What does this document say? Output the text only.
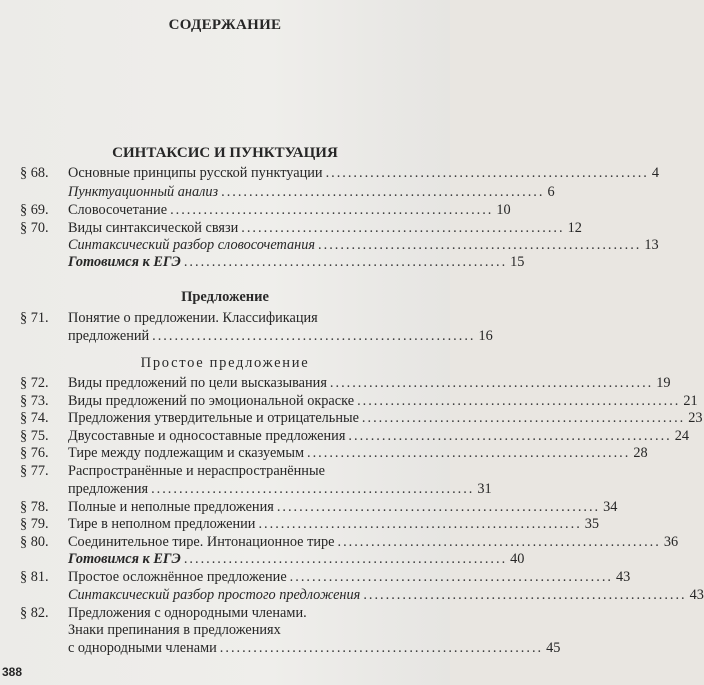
СОДЕРЖАНИЕ
СИНТАКСИС И ПУНКТУАЦИЯ
§ 68. Основные принципы русской пунктуации .......................................................... 4
Пунктуационный анализ .......................................................... 6
§ 69. Словосочетание .......................................................... 10
§ 70. Виды синтаксической связи .......................................................... 12
Синтаксический разбор словосочетания .......................................................... 13
Готовимся к ЕГЭ .......................................................... 15
Предложение
§ 71. Понятие о предложении. Классификация
предложений .......................................................... 16
Простое предложение
§ 72. Виды предложений по цели высказывания .......................................................... 19
§ 73. Виды предложений по эмоциональной окраске .......................................................... 21
§ 74. Предложения утвердительные и отрицательные .......................................................... 23
§ 75. Двусоставные и односоставные предложения .......................................................... 24
§ 76. Тире между подлежащим и сказуемым .......................................................... 28
§ 77. Распространённые и нераспространённые
предложения .......................................................... 31
§ 78. Полные и неполные предложения .......................................................... 34
§ 79. Тире в неполном предложении .......................................................... 35
§ 80. Соединительное тире. Интонационное тире .......................................................... 36
Готовимся к ЕГЭ .......................................................... 40
§ 81. Простое осложнённое предложение .......................................................... 43
Синтаксический разбор простого предложения .......................................................... 43
§ 82. Предложения с однородными членами.
Знаки препинания в предложениях
с однородными членами .......................................................... 45
388
